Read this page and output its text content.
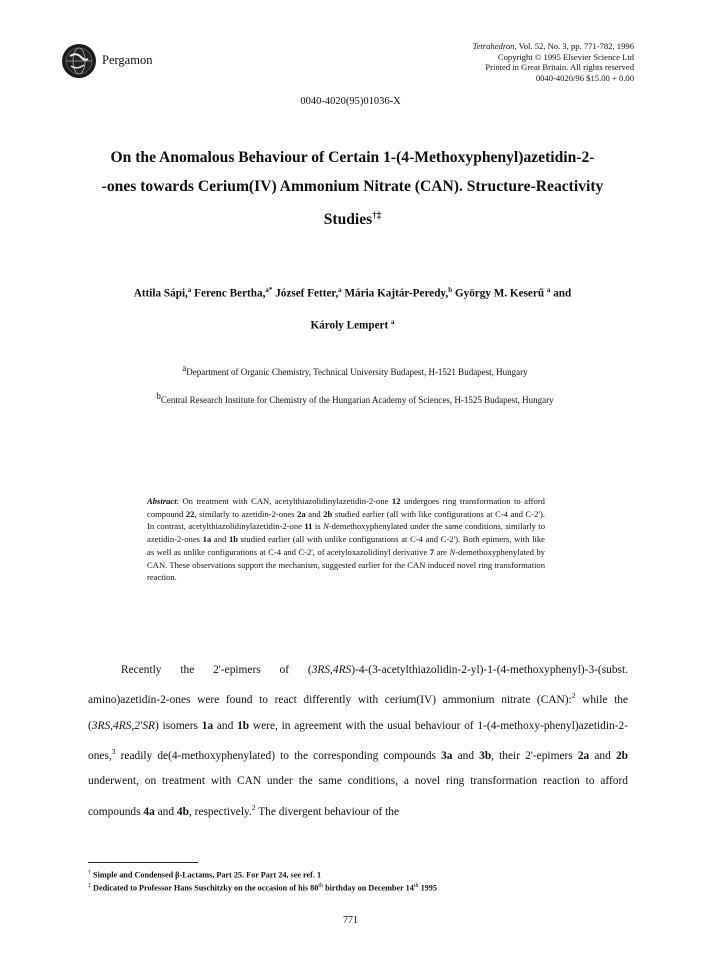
Pergamon
Tetrahedron, Vol. 52, No. 3, pp. 771-782, 1996
Copyright © 1995 Elsevier Science Ltd
Printed in Great Britain. All rights reserved
0040-4020/96 $15.00 + 0.00
0040-4020(95)01036-X
On the Anomalous Behaviour of Certain 1-(4-Methoxyphenyl)azetidin-2-
-ones towards Cerium(IV) Ammonium Nitrate (CAN). Structure-Reactivity
Studies†‡
Attila Sápi,$^a$ Ferenc Bertha,$^{a*}$ József Fetter,$^a$ Mária Kajtár-Peredy,$^b$ György M. Keserű $^a$ and
Károly Lempert $^a$
$^a$Department of Organic Chemistry, Technical University Budapest, H-1521 Budapest, Hungary
$^b$Central Research Institute for Chemistry of the Hungarian Academy of Sciences, H-1525 Budapest, Hungary
Abstract: On treatment with CAN, acetylthiazolidinylazetidin-2-one 12 undergoes ring transformation to afford compound 22, similarly to azetidin-2-ones 2a and 2b studied earlier (all with like configurations at C-4 and C-2'). In contrast, acetylthiazolidinylazetidin-2-one 11 is N-demethoxyphenylated under the same conditions, similarly to azetidin-2-ones 1a and 1b studied earlier (all with unlike configurations at C-4 and C-2'). Both epimers, with like as well as unlike configurations at C-4 and C-2', of acetyloxazolidinyl derivative 7 are N-demethoxyphenylated by CAN. These observations support the mechanism, suggested earlier for the CAN induced novel ring transformation reaction.
Recently the 2'-epimers of (3RS,4RS)-4-(3-acetylthiazolidin-2-yl)-1-(4-methoxyphenyl)-3-(subst. amino)azetidin-2-ones were found to react differently with cerium(IV) ammonium nitrate (CAN):$^2$ while the (3RS,4RS,2'SR) isomers 1a and 1b were, in agreement with the usual behaviour of 1-(4-methoxy-phenyl)azetidin-2-ones,$^3$ readily de(4-methoxyphenylated) to the corresponding compounds 3a and 3b, their 2'-epimers 2a and 2b underwent, on treatment with CAN under the same conditions, a novel ring transformation reaction to afford compounds 4a and 4b, respectively.$^2$ The divergent behaviour of the
† Simple and Condensed β-Lactams, Part 25. For Part 24, see ref. 1
‡ Dedicated to Professor Hans Suschitzky on the occasion of his 80th birthday on December 14th 1995
771
